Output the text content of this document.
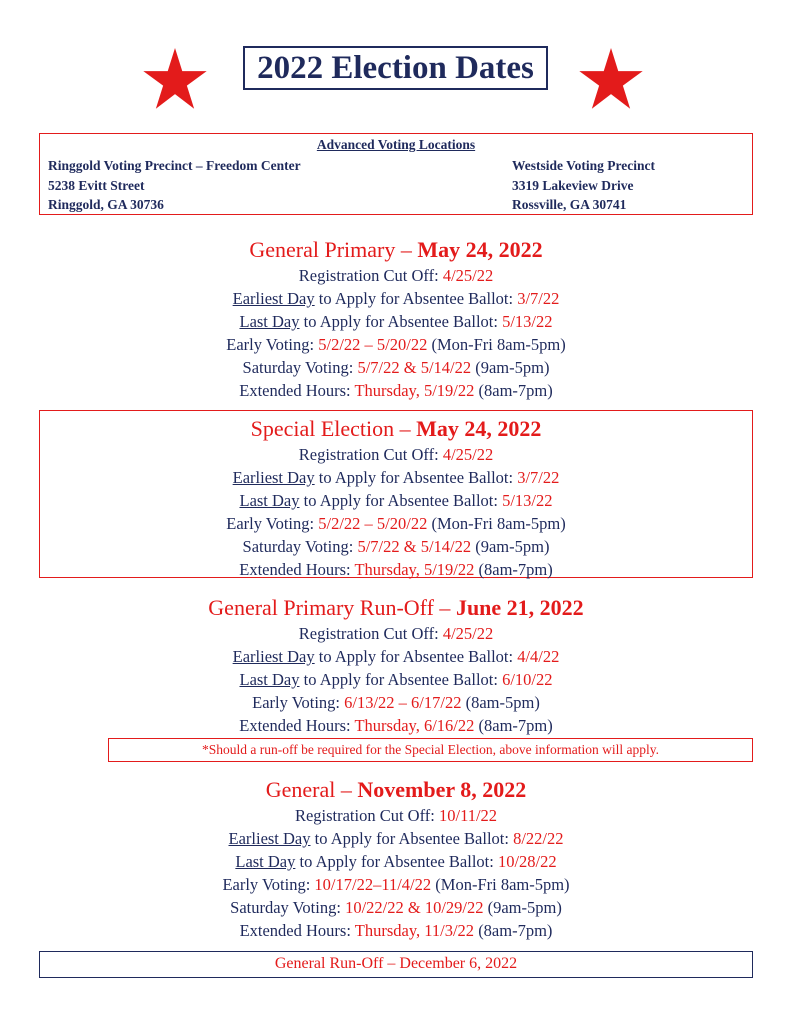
2022 Election Dates
Advanced Voting Locations
Ringgold Voting Precinct – Freedom Center
5238 Evitt Street
Ringgold, GA 30736
Westside Voting Precinct
3319 Lakeview Drive
Rossville, GA 30741
General Primary – May 24, 2022
Registration Cut Off: 4/25/22
Earliest Day to Apply for Absentee Ballot: 3/7/22
Last Day to Apply for Absentee Ballot: 5/13/22
Early Voting: 5/2/22 – 5/20/22 (Mon-Fri 8am-5pm)
Saturday Voting: 5/7/22 & 5/14/22 (9am-5pm)
Extended Hours: Thursday, 5/19/22 (8am-7pm)
Special Election – May 24, 2022
Registration Cut Off: 4/25/22
Earliest Day to Apply for Absentee Ballot: 3/7/22
Last Day to Apply for Absentee Ballot: 5/13/22
Early Voting: 5/2/22 – 5/20/22 (Mon-Fri 8am-5pm)
Saturday Voting: 5/7/22 & 5/14/22 (9am-5pm)
Extended Hours: Thursday, 5/19/22 (8am-7pm)
General Primary Run-Off – June 21, 2022
Registration Cut Off: 4/25/22
Earliest Day to Apply for Absentee Ballot: 4/4/22
Last Day to Apply for Absentee Ballot: 6/10/22
Early Voting: 6/13/22 – 6/17/22 (8am-5pm)
Extended Hours: Thursday, 6/16/22 (8am-7pm)
*Should a run-off be required for the Special Election, above information will apply.
General – November 8, 2022
Registration Cut Off: 10/11/22
Earliest Day to Apply for Absentee Ballot: 8/22/22
Last Day to Apply for Absentee Ballot: 10/28/22
Early Voting: 10/17/22–11/4/22 (Mon-Fri 8am-5pm)
Saturday Voting: 10/22/22 & 10/29/22 (9am-5pm)
Extended Hours: Thursday, 11/3/22 (8am-7pm)
General Run-Off – December 6, 2022
